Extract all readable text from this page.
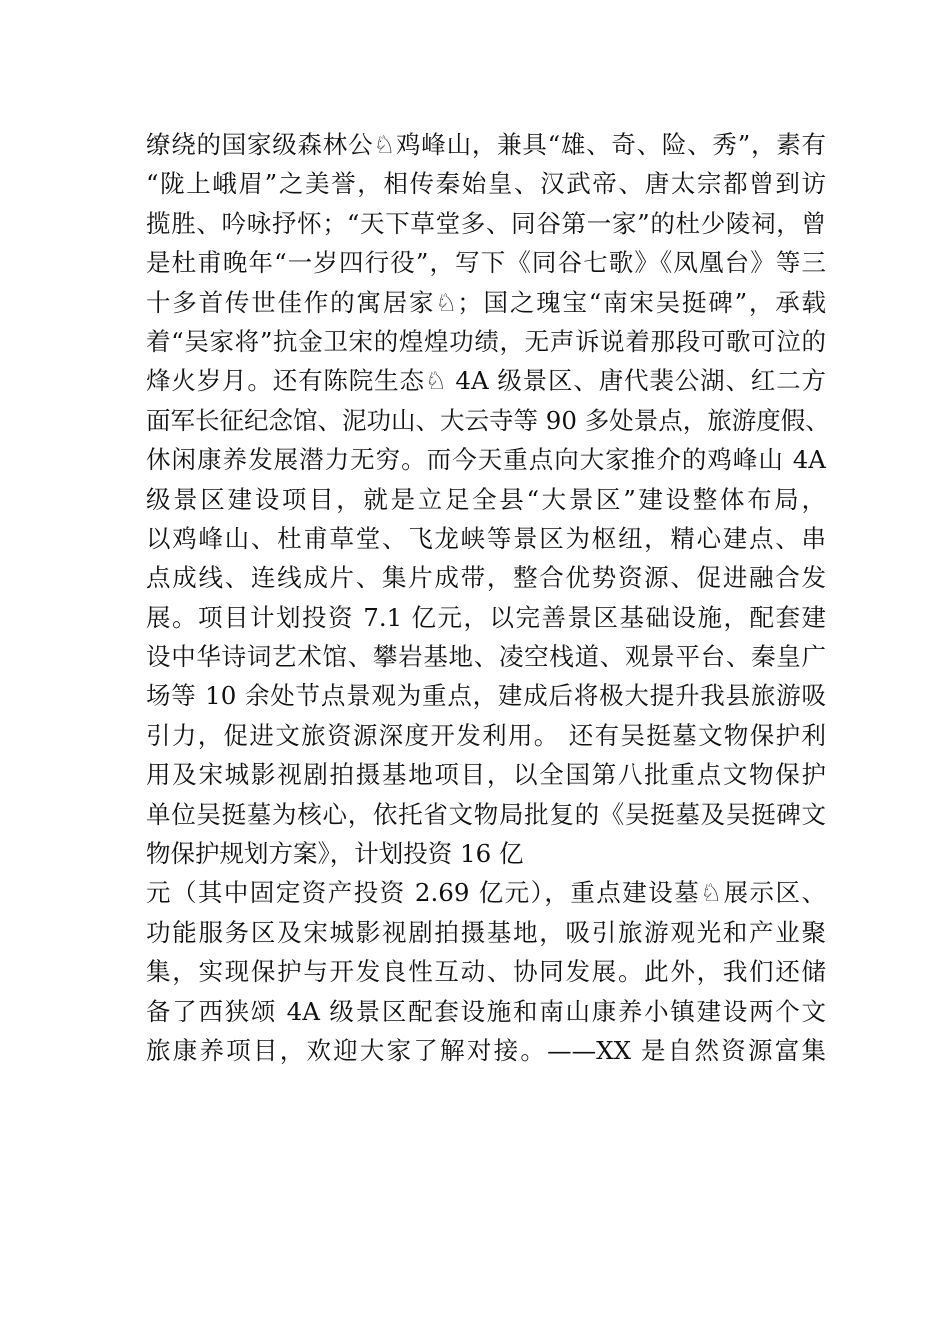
缭绕的国家级森林公♘鸡峰山，兼具“雄、奇、险、秀”，素有
“陇上峨眉”之美誉，相传秦始皇、汉武帝、唐太宗都曾到访
揽胜、吟咏抒怀；“天下草堂多、同谷第一家”的杜少陵祠，曾
是杜甫晚年“一岁四行役”，写下《同谷七歌》《凤凰台》等三
十多首传世佳作的寓居家♘；国之瑰宝“南宋吴挺碑”，承载
着“吴家将”抗金卫宋的煌煌功绩，无声诉说着那段可歌可泣的
烽火岁月。还有陈院生态♘ 4A 级景区、唐代裴公湖、红二方
面军长征纪念馆、泥功山、大云寺等 90 多处景点，旅游度假、
休闲康养发展潜力无穷。而今天重点向大家推介的鸡峰山 4A
级景区建设项目，就是立足全县“大景区”建设整体布局，
以鸡峰山、杜甫草堂、飞龙峡等景区为枢纽，精心建点、串
点成线、连线成片、集片成带，整合优势资源、促进融合发
展。项目计划投资 7.1 亿元，以完善景区基础设施，配套建
设中华诗词艺术馆、攀岩基地、凌空栈道、观景平台、秦皇广
场等 10 余处节点景观为重点，建成后将极大提升我县旅游吸
引力，促进文旅资源深度开发利用。 还有吴挺墓文物保护利
用及宋城影视剧拍摄基地项目，以全国第八批重点文物保护
单位吴挺墓为核心，依托省文物局批复的《吴挺墓及吴挺碑文
物保护规划方案》，计划投资 16 亿
元（其中固定资产投资 2.69 亿元），重点建设墓♘展示区、
功能服务区及宋城影视剧拍摄基地，吸引旅游观光和产业聚
集，实现保护与开发良性互动、协同发展。此外，我们还储
备了西狭颂 4A 级景区配套设施和南山康养小镇建设两个文
旅康养项目，欢迎大家了解对接。——XX 是自然资源富集
